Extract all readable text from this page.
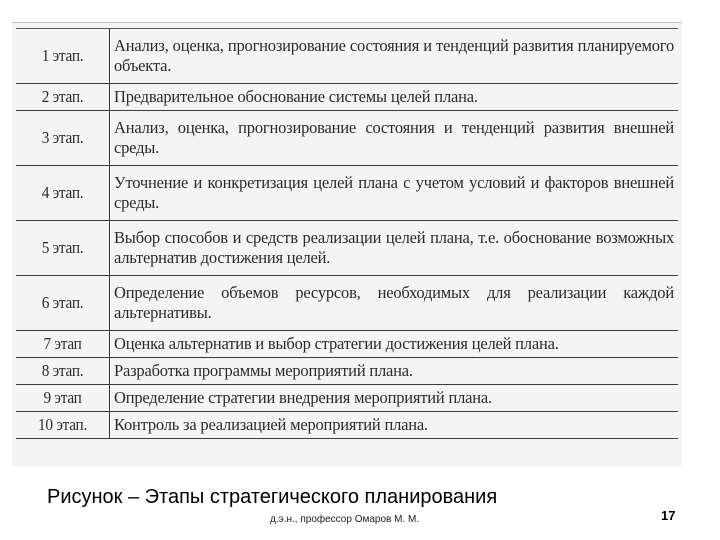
1 этап.	Анализ, оценка, прогнозирование состояния и тенденций развития планируемого объекта.
2 этап.	Предварительное обоснование системы целей плана.
3 этап.	Анализ, оценка, прогнозирование состояния и тенденций развития внешней среды.
4 этап.	Уточнение и конкретизация целей плана с учетом условий и факторов внешней среды.
5 этап.	Выбор способов и средств реализации целей плана, т.е. обоснование возможных альтернатив достижения целей.
6 этап.	Определение объемов ресурсов, необходимых для реализации каждой альтернативы.
7 этап	Оценка альтернатив и выбор стратегии достижения целей плана.
8 этап.	Разработка программы мероприятий плана.
9 этап	Определение стратегии внедрения мероприятий плана.
10 этап.	Контроль за реализацией мероприятий плана.
Рисунок – Этапы стратегического планирования
д.э.н., профессор Омаров М. М.	17
